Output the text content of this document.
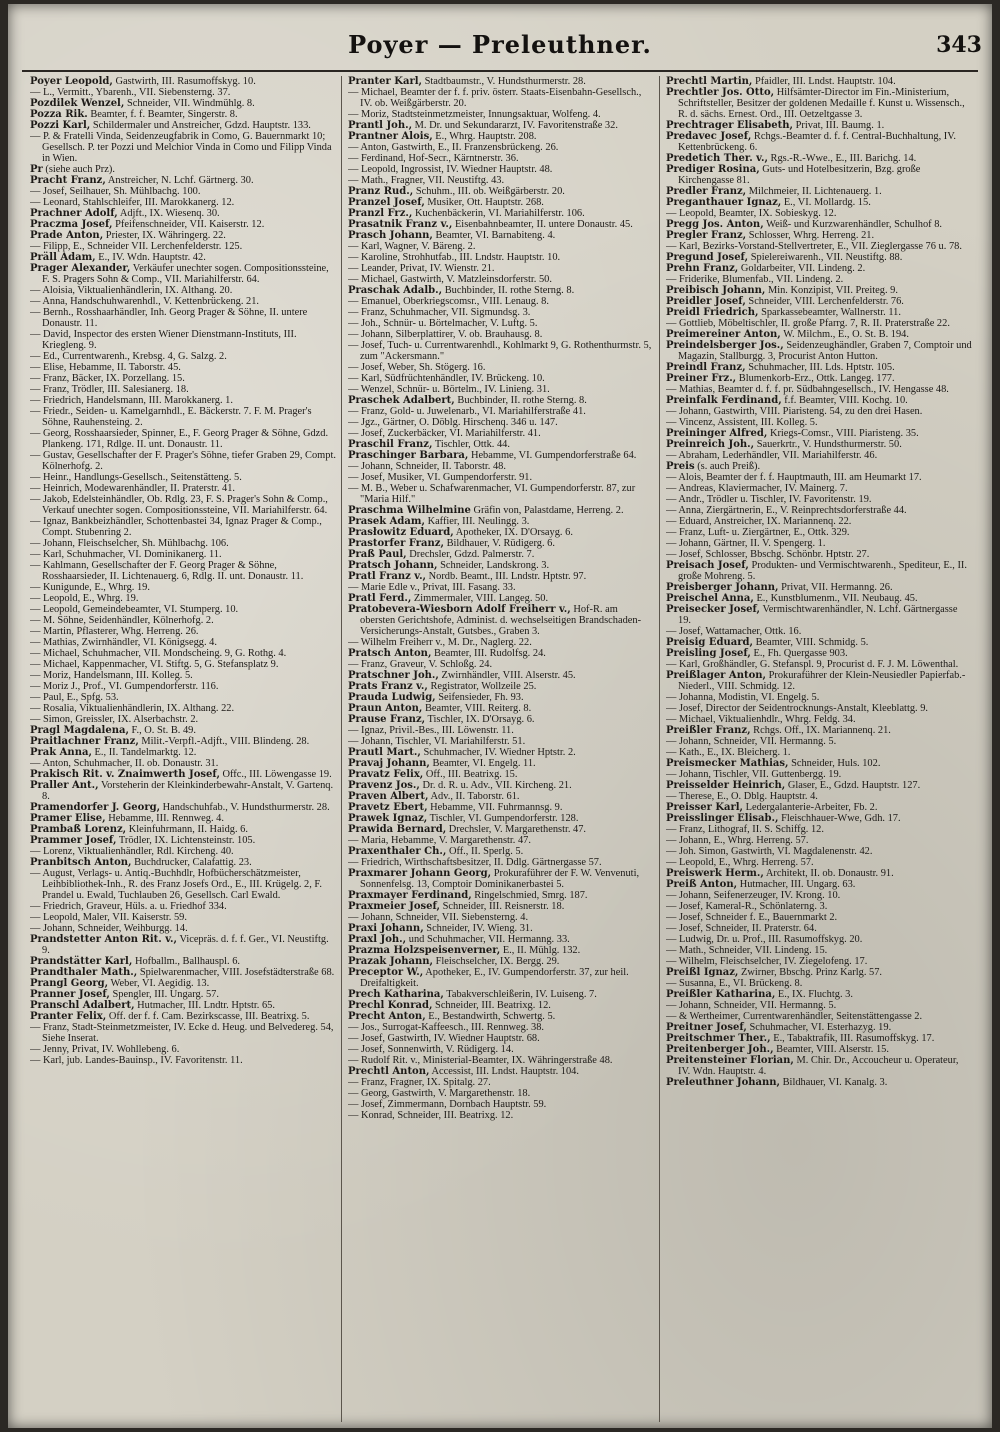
Poyer — Preleuthner.	343

Poyer Leopold, Gastwirth, III. Rasumoffskyg. 10.

— L., Vermitt., Ybarenh., VII. Siebensterng. 37.

Pozdilek Wenzel, Schneider, VII. Windmühlg. 8.

Pozza Rik. Beamter, f. f. Beamter, Singerstr. 8.

Pozzi Karl, Schildermaler und Anstreicher, Gdzd. Hauptstr. 133.

— P. & Fratelli Vinda, Seidenzeugfabrik in Como, G. Bauernmarkt 10; Gesellsch. P. ter Pozzi und Melchior Vinda in Como und Filipp Vinda in Wien.

Pr (siehe auch Prz).

Pracht Franz, Anstreicher, N. Lchf. Gärtnerg. 30.

— Josef, Seilhauer, Sh. Mühlbachg. 100.

— Leonard, Stahlschleifer, III. Marokkanerg. 12.

Prachner Adolf, Adjft., IX. Wiesenq. 30.

Praczma Josef, Pfeifenschneider, VII. Kaiserstr. 12.

Prade Anton, Priester, IX. Währingerg. 22.

— Filipp, E., Schneider VII. Lerchenfelderstr. 125.

Präll Adam, E., IV. Wdn. Hauptstr. 42.

Prager Alexander, Verkäufer unechter sogen. Compositionssteine, F. S. Pragers Sohn & Comp., VII. Mariahilferstr. 64.

— Aloisia, Viktualienhändlerin, IX. Althang. 20.

— Anna, Handschuhwarenhdl., V. Kettenbrückeng. 21.

— Bernh., Rosshaarhändler, Inh. Georg Prager & Söhne, II. untere Donaustr. 11.

— David, Inspector des ersten Wiener Dienstmann-Instituts, III. Kriegleng. 9.

— Ed., Currentwarenh., Krebsg. 4, G. Salzg. 2.

— Elise, Hebamme, II. Taborstr. 45.

— Franz, Bäcker, IX. Porzellang. 15.

— Franz, Trödler, III. Salesianerg. 18.

— Friedrich, Handelsmann, III. Marokkanerg. 1.

— Friedr., Seiden- u. Kamelgarnhdl., E. Bäckerstr. 7. F. M. Prager's Söhne, Rauhensteing. 2.

— Georg, Rosshaarsieder, Spinner, E., F. Georg Prager & Söhne, Gdzd. Plankeng. 171, Rdlge. II. unt. Donaustr. 11.

— Gustav, Gesellschafter der F. Prager's Söhne, tiefer Graben 29, Compt. Kölnerhofg. 2.

— Heinr., Handlungs-Gesellsch., Seitenstätteng. 5.

— Heinrich, Modewarenhändler, II. Praterstr. 41.

— Jakob, Edelsteinhändler, Ob. Rdlg. 23, F. S. Prager's Sohn & Comp., Verkauf unechter sogen. Compositionssteine, VII. Mariahilferstr. 64.

— Ignaz, Bankbeizhändler, Schottenbastei 34, Ignaz Prager & Comp., Compt. Stubenring 2.

— Johann, Fleischselcher, Sh. Mühlbachg. 106.

— Karl, Schuhmacher, VI. Dominikanerg. 11.

— Kahlmann, Gesellschafter der F. Georg Prager & Söhne, Rosshaarsieder, II. Lichtenauerg. 6, Rdlg. II. unt. Donaustr. 11.

— Kunigunde, E., Whrg. 19.

— Leopold, E., Whrg. 19.

— Leopold, Gemeindebeamter, VI. Stumperg. 10.

— M. Söhne, Seidenhändler, Kölnerhofg. 2.

— Martin, Pflasterer, Whg. Herreng. 26.

— Mathias, Zwirnhändler, VI. Königsegg. 4.

— Michael, Schuhmacher, VII. Mondscheing. 9, G. Rothg. 4.

— Michael, Kappenmacher, VI. Stiftg. 5, G. Stefansplatz 9.

— Moriz, Handelsmann, III. Kolleg. 5.

— Moriz J., Prof., VI. Gumpendorferstr. 116.

— Paul, E., Spfg. 53.

— Rosalia, Viktualienhändlerin, IX. Althang. 22.

— Simon, Greissler, IX. Alserbachstr. 2.

Pragl Magdalena, F., O. St. B. 49.

Praitlachner Franz, Milit.-Verpfl.-Adjft., VIII. Blindeng. 28.

Prak Anna, E., II. Tandelmarktg. 12.

— Anton, Schuhmacher, II. ob. Donaustr. 31.

Prakisch Rit. v. Znaimwerth Josef, Offc., III. Löwengasse 19.

Praller Ant., Vorsteherin der Kleinkinderbewahr-Anstalt, V. Gartenq. 8.

Pramendorfer J. Georg, Handschuhfab., V. Hundsthurmerstr. 28.

Pramer Elise, Hebamme, III. Rennweg. 4.

Prambaß Lorenz, Kleinfuhrmann, II. Haidg. 6.

Prammer Josef, Trödler, IX. Lichtensteinstr. 105.

— Lorenz, Viktualienhändler, Rdl. Kircheng. 40.

Pranbitsch Anton, Buchdrucker, Calafattig. 23.

— August, Verlags- u. Antiq.-Buchhdlr, Hofbücherschätzmeister, Leihbibliothek-Inh., R. des Franz Josefs Ord., E., III. Krügelg. 2, F. Prandel u. Ewald, Tuchlauben 26, Gesellsch. Carl Ewald.

— Friedrich, Graveur, Hüls. a. u. Friedhof 334.

— Leopold, Maler, VII. Kaiserstr. 59.

— Johann, Schneider, Weihburgg. 14.

Prandstetter Anton Rit. v., Vicepräs. d. f. f. Ger., VI. Neustiftg. 9.

Prandstätter Karl, Hofballm., Ballhauspl. 6.

Prandthaler Math., Spielwarenmacher, VIII. Josefstädterstraße 68.

Prangl Georg, Weber, VI. Aegidig. 13.

Pranner Josef, Spengler, III. Ungarg. 57.

Pranschl Adalbert, Hutmacher, III. Lndtr. Hptstr. 65.

Pranter Felix, Off. der f. f. Cam. Bezirkscasse, III. Beatrixg. 5.

— Franz, Stadt-Steinmetzmeister, IV. Ecke d. Heug. und Belvedereg. 54, Siehe Inserat.

— Jenny, Privat, IV. Wohllebeng. 6.

— Karl, jub. Landes-Bauinsp., IV. Favoritenstr. 11.

Pranter Karl, Stadtbaumstr., V. Hundsthurmerstr. 28.

— Michael, Beamter der f. f. priv. österr. Staats-Eisenbahn-Gesellsch., IV. ob. Weißgärberstr. 20.

— Moriz, Stadtsteinmetzmeister, Innungsaktuar, Wolfeng. 4.

Prantl Joh., M. Dr. und Sekundararzt, IV. Favoritenstraße 32.

Prantner Alois, E., Whrg. Hauptstr. 208.

— Anton, Gastwirth, E., II. Franzensbrückeng. 26.

— Ferdinand, Hof-Secr., Kärntnerstr. 36.

— Leopold, Ingrossist, IV. Wiedner Hauptstr. 48.

— Math., Fragner, VII. Neustiftg. 43.

Pranz Rud., Schuhm., III. ob. Weißgärberstr. 20.

Pranzel Josef, Musiker, Ott. Hauptstr. 268.

Pranzl Frz., Kuchenbäckerin, VI. Mariahilferstr. 106.

Prasatnik Franz v., Eisenbahnbeamter, II. untere Donaustr. 45.

Prasch Johann, Beamter, VI. Barnabiteng. 4.

— Karl, Wagner, V. Bäreng. 2.

— Karoline, Strohhutfab., III. Lndstr. Hauptstr. 10.

— Leander, Privat, IV. Wienstr. 21.

— Michael, Gastwirth, V. Matzleinsdorferstr. 50.

Praschak Adalb., Buchbinder, II. rothe Sterng. 8.

— Emanuel, Oberkriegscomsr., VIII. Lenaug. 8.

— Franz, Schuhmacher, VII. Sigmundsg. 3.

— Joh., Schnür- u. Börtelmacher, V. Luftg. 5.

— Johann, Silberplattirer, V. ob. Brauhausg. 8.

— Josef, Tuch- u. Currentwarenhdl., Kohlmarkt 9, G. Rothenthurmstr. 5, zum "Ackersmann."

— Josef, Weber, Sh. Stögerg. 16.

— Karl, Südfrüchtenhändler, IV. Brückeng. 10.

— Wenzel, Schnür- u. Börtelm., IV. Linieng. 31.

Praschek Adalbert, Buchbinder, II. rothe Sterng. 8.

— Franz, Gold- u. Juwelenarb., VI. Mariahilferstraße 41.

— Jgz., Gärtner, O. Döblg. Hirschenq. 346 u. 147.

— Josef, Zuckerbäcker, VI. Mariahilferstr. 41.

Praschil Franz, Tischler, Ottk. 44.

Praschinger Barbara, Hebamme, VI. Gumpendorferstraße 64.

— Johann, Schneider, II. Taborstr. 48.

— Josef, Musiker, VI. Gumpendorferstr. 91.

— M. B., Weber u. Schafwarenmacher, VI. Gumpendorferstr. 87, zur "Maria Hilf."

Praschma Wilhelmine Gräfin von, Palastdame, Herreng. 2.

Prasek Adam, Kaffier, III. Neulingg. 3.

Prasłowitz Eduard, Apotheker, IX. D'Orsayg. 6.

Prastorfer Franz, Bildhauer, V. Rüdigerg. 6.

Praß Paul, Drechsler, Gdzd. Palmerstr. 7.

Pratsch Johann, Schneider, Landskrong. 3.

Pratl Franz v., Nordb. Beamt., III. Lndstr. Hptstr. 97.

— Marie Edle v., Privat, III. Fasang. 33.

Pratl Ferd., Zimmermaler, VIII. Langeg. 50.

Pratobevera-Wiesborn Adolf Freiherr v., Hof-R. am obersten Gerichtshofe, Administ. d. wechselseitigen Brandschaden-Versicherungs-Anstalt, Gutsbes., Graben 3.

— Wilhelm Freiherr v., M. Dr., Naglerg. 22.

Pratsch Anton, Beamter, III. Rudolfsg. 24.

— Franz, Graveur, V. Schloßg. 24.

Pratschner Joh., Zwirnhändler, VIII. Alserstr. 45.

Prats Franz v., Registrator, Wollzeile 25.

Prauda Ludwig, Seifensieder, Fh. 93.

Praun Anton, Beamter, VIII. Reiterg. 8.

Prause Franz, Tischler, IX. D'Orsayg. 6.

— Ignaz, Privil.-Bes., III. Löwenstr. 11.

— Johann, Tischler, VI. Mariahilferstr. 51.

Prautl Mart., Schuhmacher, IV. Wiedner Hptstr. 2.

Pravaj Johann, Beamter, VI. Engelg. 11.

Pravatz Felix, Off., III. Beatrixg. 15.

Pravenz Jos., Dr. d. R. u. Adv., VII. Kircheng. 21.

Praven Albert, Adv., II. Taborstr. 61.

Pravetz Ebert, Hebamme, VII. Fuhrmannsg. 9.

Prawek Ignaz, Tischler, VI. Gumpendorferstr. 128.

Prawida Bernard, Drechsler, V. Margarethenstr. 47.

— Maria, Hebamme, V. Margarethenstr. 47.

Praxenthaler Ch., Off., II. Sperlg. 5.

— Friedrich, Wirthschaftsbesitzer, II. Ddlg. Gärtnergasse 57.

Praxmarer Johann Georg, Prokuraführer der F. W. Venvenuti, Sonnenfelsg. 13, Comptoir Dominikanerbastei 5.

Praxmayer Ferdinand, Ringelschmied, Smrg. 187.

Praxmeier Josef, Schneider, III. Reisnerstr. 18.

— Johann, Schneider, VII. Siebensterng. 4.

Praxi Johann, Schneider, IV. Wieng. 31.

Praxl Joh., und Schuhmacher, VII. Hermanng. 33.

Prazma Holzspeisenverner, E., II. Mühlg. 132.

Prazak Johann, Fleischselcher, IX. Bergg. 29.

Preceptor W., Apotheker, E., IV. Gumpendorferstr. 37, zur heil. Dreifaltigkeit.

Prech Katharina, Tabakverschleißerin, IV. Luiseng. 7.

Prechl Konrad, Schneider, III. Beatrixg. 12.

Precht Anton, E., Bestandwirth, Schwertg. 5.

— Jos., Surrogat-Kaffeesch., III. Rennweg. 38.

— Josef, Gastwirth, IV. Wiedner Hauptstr. 68.

— Josef, Sonnenwirth, V. Rüdigerg. 14.

— Rudolf Rit. v., Ministerial-Beamter, IX. Währingerstraße 48.

Prechtl Anton, Accessist, III. Lndst. Hauptstr. 104.

— Franz, Fragner, IX. Spitalg. 27.

— Georg, Gastwirth, V. Margarethenstr. 18.

— Josef, Zimmermann, Dornbach Hauptstr. 59.

— Konrad, Schneider, III. Beatrixg. 12.

Prechtl Martin, Pfaidler, III. Lndst. Hauptstr. 104.

Prechtler Jos. Otto, Hilfsämter-Director im Fin.-Ministerium, Schriftsteller, Besitzer der goldenen Medaille f. Kunst u. Wissensch., R. d. sächs. Ernest. Ord., III. Oetzeltgasse 3.

Prechtrager Elisabeth, Privat, III. Baumg. 1.

Predavec Josef, Rchgs.-Beamter d. f. f. Central-Buchhaltung, IV. Kettenbrückeng. 6.

Predetich Ther. v., Rgs.-R.-Wwe., E., III. Barichg. 14.

Prediger Rosina, Guts- und Hotelbesitzerin, Bzg. große Kirchengasse 81.

Predler Franz, Milchmeier, II. Lichtenauerg. 1.

Preganthauer Ignaz, E., VI. Mollardg. 15.

— Leopold, Beamter, IX. Sobieskyg. 12.

Pregg Jos. Anton, Weiß- und Kurzwarenhändler, Schulhof 8.

Pregler Franz, Schlosser, Whrg. Herreng. 21.

— Karl, Bezirks-Vorstand-Stellvertreter, E., VII. Zieglergasse 76 u. 78.

Pregund Josef, Spielereiwarenh., VII. Neustiftg. 88.

Prehn Franz, Goldarbeiter, VII. Lindeng. 2.

— Friderike, Blumenfab., VII. Lindeng. 2.

Preibisch Johann, Min. Konzipist, VII. Preiteg. 9.

Preidler Josef, Schneider, VIII. Lerchenfelderstr. 76.

Preidl Friedrich, Sparkassebeamter, Wallnerstr. 11.

— Gottlieb, Möbeltischler, II. große Pfarrg. 7, R. II. Praterstraße 22.

Preimereiner Anton, W. Milchm., E., O. St. B. 194.

Preindelsberger Jos., Seidenzeughändler, Graben 7, Comptoir und Magazin, Stallburgg. 3, Procurist Anton Hutton.

Preindl Franz, Schuhmacher, III. Lds. Hptstr. 105.

Preiner Frz., Blumenkorb-Erz., Ottk. Langeg. 177.

— Mathias, Beamter d. f. f. pr. Südbahngesellsch., IV. Hengasse 48.

Preinfalk Ferdinand, f.f. Beamter, VIII. Kochg. 10.

— Johann, Gastwirth, VIII. Piaristeng. 54, zu den drei Hasen.

— Vincenz, Assistent, III. Kolleg. 5.

Preininger Alfred, Kriegs-Comsr., VIII. Piaristeng. 35.

Preinreich Joh., Sauerkrtr., V. Hundsthurmerstr. 50.

— Abraham, Lederhändler, VII. Mariahilferstr. 46.

Preis (s. auch Preiß).

— Alois, Beamter der f. f. Hauptmauth, III. am Heumarkt 17.

— Andreas, Klaviermacher, IV. Mainerg. 7.

— Andr., Trödler u. Tischler, IV. Favoritenstr. 19.

— Anna, Ziergärtnerin, E., V. Reinprechtsdorferstraße 44.

— Eduard, Anstreicher, IX. Mariannenq. 22.

— Franz, Luft- u. Ziergärtner, E., Ottk. 329.

— Johann, Gärtner, II. V. Spengerg. 1.

— Josef, Schlosser, Bbschg. Schönbr. Hptstr. 27.

Preisach Josef, Produkten- und Vermischtwarenh., Spediteur, E., II. große Mohreng. 5.

Preisberger Johann, Privat, VII. Hermanng. 26.

Preischel Anna, E., Kunstblumenm., VII. Neubaug. 45.

Preisecker Josef, Vermischtwarenhändler, N. Lchf. Gärtnergasse 19.

— Josef, Wattamacher, Ottk. 16.

Preisig Eduard, Beamter, VIII. Schmidg. 5.

Preisling Josef, E., Fh. Quergasse 903.

— Karl, Großhändler, G. Stefanspl. 9, Procurist d. F. J. M. Löwenthal.

Preißlager Anton, Prokuraführer der Klein-Neusiedler Papierfab.-Niederl., VIII. Schmidg. 12.

— Johanna, Modistin, VI. Engelg. 5.

— Josef, Director der Seidentrocknungs-Anstalt, Kleeblattg. 9.

— Michael, Viktualienhdlr., Whrg. Feldg. 34.

Preißler Franz, Rchgs. Off., IX. Mariannenq. 21.

— Johann, Schneider, VII. Hermanng. 5.

— Kath., E., IX. Bleicherg. 1.

Preismecker Mathias, Schneider, Huls. 102.

— Johann, Tischler, VII. Guttenbergg. 19.

Preisselder Heinrich, Glaser, E., Gdzd. Hauptstr. 127.

— Therese, E., O. Dblg. Hauptstr. 4.

Preisser Karl, Ledergalanterie-Arbeiter, Fb. 2.

Preisslinger Elisab., Fleischhauer-Wwe, Gdh. 17.

— Franz, Lithograf, II. S. Schiffg. 12.

— Johann, E., Whrg. Herreng. 57.

— Joh. Simon, Gastwirth, VI. Magdalenenstr. 42.

— Leopold, E., Whrg. Herreng. 57.

Preiswerk Herm., Architekt, II. ob. Donaustr. 91.

Preiß Anton, Hutmacher, III. Ungarg. 63.

— Johann, Seifenerzeuger, IV. Krong. 10.

— Josef, Kameral-R., Schönlaterng. 3.

— Josef, Schneider f. E., Bauernmarkt 2.

— Josef, Schneider, II. Praterstr. 64.

— Ludwig, Dr. u. Prof., III. Rasumoffskyg. 20.

— Math., Schneider, VII. Lindeng. 15.

— Wilhelm, Fleischselcher, IV. Ziegelofeng. 17.

Preißl Ignaz, Zwirner, Bbschg. Prinz Karlg. 57.

— Susanna, E., VI. Brückeng. 8.

Preißler Katharina, E., IX. Fluchtg. 3.

— Johann, Schneider, VII. Hermanng. 5.

— & Wertheimer, Currentwarenhändler, Seitenstättengasse 2.

Preitner Josef, Schuhmacher, VI. Esterhazyg. 19.

Preitschmer Ther., E., Tabaktrafik, III. Rasumoffskyg. 17.

Preitenberger Joh., Beamter, VIII. Alserstr. 15.

Preitensteiner Florian, M. Chir. Dr., Accoucheur u. Operateur, IV. Wdn. Hauptstr. 4.

Preleuthner Johann, Bildhauer, VI. Kanalg. 3.
